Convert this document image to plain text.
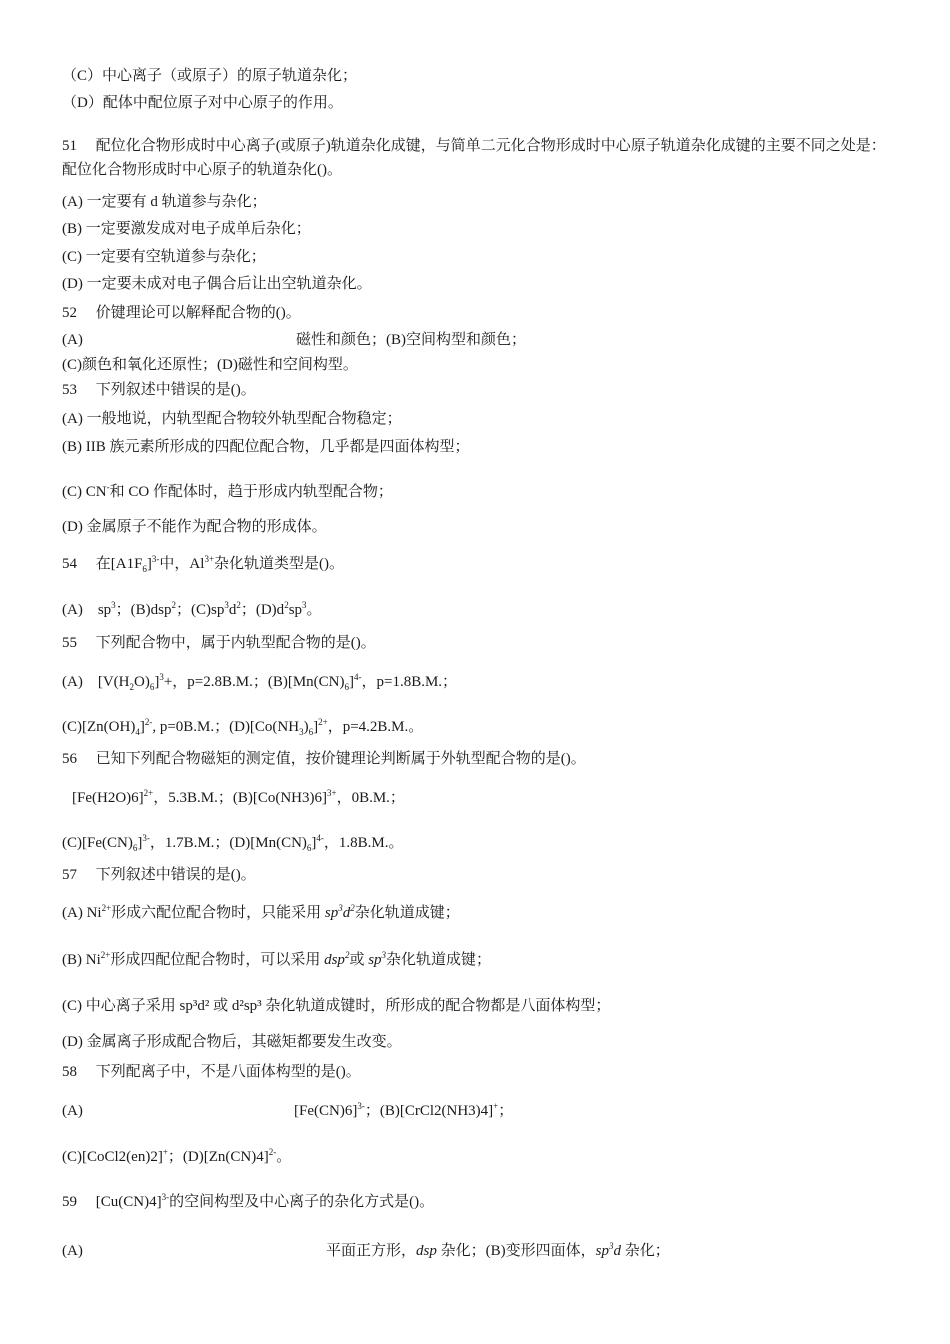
（C）中心离子（或原子）的原子轨道杂化；
（D）配体中配位原子对中心原子的作用。
51　 配位化合物形成时中心离子(或原子)轨道杂化成键，与简单二元化合物形成时中心原子轨道杂化成键的主要不同之处是：配位化合物形成时中心原子的轨道杂化()。
(A) 一定要有 d 轨道参与杂化；
(B) 一定要激发成对电子成单后杂化；
(C) 一定要有空轨道参与杂化；
(D) 一定要未成对电子偶合后让出空轨道杂化。
52　 价键理论可以解释配合物的()。
(A)	磁性和颜色；(B)空间构型和颜色；
(C)颜色和氧化还原性；(D)磁性和空间构型。
53　 下列叙述中错误的是()。
(A) 一般地说，内轨型配合物较外轨型配合物稳定；
(B) IIB 族元素所形成的四配位配合物，几乎都是四面体构型；
(C) CN-和 CO 作配体时，趋于形成内轨型配合物；
(D) 金属原子不能作为配合物的形成体。
54　 在$[A1F_6]^{3-}$中，$Al^{3+}$杂化轨道类型是()。
(A)　$sp^3$；(B)dsp$^2$；$(C)sp^3d^2$；$(D)d^2sp^3$。
55　 下列配合物中，属于内轨型配合物的是()。
(A)　$[V(H_2O)_6]^3+$，p=2.8B.M.；$(B)[Mn(CN)_6]^{4-}$，p=1.8B.M.；
$(C)[Zn(OH)_4]^{2-}$, p=0B.M.；$(D)[Co(NH_3)_6]^{2+}$，p=4.2B.M.。
56　 已知下列配合物磁矩的测定值，按价键理论判断属于外轨型配合物的是()。
$[Fe(H2O)6]^{2+}$，5.3B.M.；$(B)[Co(NH3)6]^{3+}$，0B.M.；
$(C)[Fe(CN)_6]^{3-}$，1.7B.M.；$(D)[Mn(CN)_6]^{4-}$，1.8B.M.。
57　 下列叙述中错误的是()。
(A) $Ni^{2+}$形成六配位配合物时，只能采用 $sp^3d^2$杂化轨道成键；
(B) $Ni^{2+}$形成四配位配合物时，可以采用 dsp$^2$或 $sp^3$杂化轨道成键；
(C) 中心离子采用 sp³d² 或 d²sp³ 杂化轨道成键时，所形成的配合物都是八面体构型；
(D) 金属离子形成配合物后，其磁矩都要发生改变。
58　 下列配离子中，不是八面体构型的是()。
(A)	$[Fe(CN)6]^{3-}$；(B)[CrCl2(NH3)4]+；
(C)[CoCl2(en)2]+；$(D)[Zn(CN)4]^{2-}$。
59　 $[Cu(CN)4]^{3-}$的空间构型及中心离子的杂化方式是()。
(A)	平面正方形，dsp 杂化；(B)变形四面体，$sp^3d$ 杂化；
